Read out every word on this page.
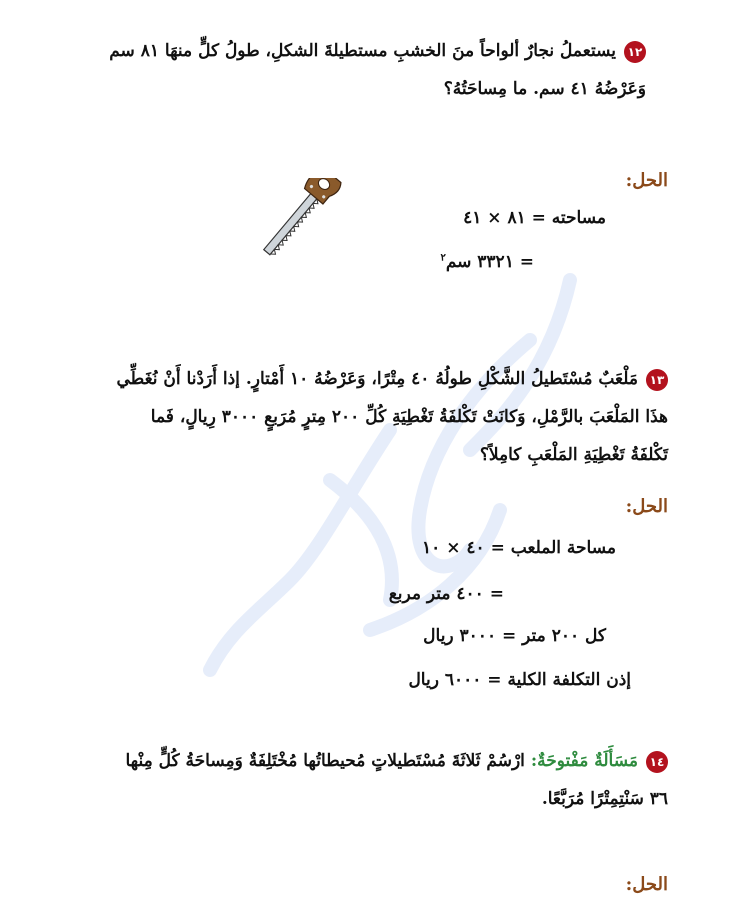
١٢يستعملُ نجارٌ ألواحاً منَ الخشبِ مستطيلةَ الشكلِ، طولُ كلٍّ منهَا ٨١ سم وَعَرْضُهُ ٤١ سم. ما مِساحَتُهُ؟
الحل:
مساحته = ٨١ × ٤١
= ٣٣٢١ سم$^٢$
١٣مَلْعَبٌ مُسْتَطيلُ الشَّكْلِ طولُهُ ٤٠ مِتْرًا، وَعَرْضُهُ ١٠ أَمْتارٍ. إذا أَرَدْنا أَنْ نُغَطِّي هذَا المَلْعَبَ بالرَّمْلِ، وَكانَتْ تَكْلفَةُ تَغْطِيَةِ كُلِّ ٢٠٠ مِترٍ مُرَبعٍ ٣٠٠٠ رِيالٍ، فَما تَكْلفَةُ تَغْطِيَةِ المَلْعَبِ كامِلاً؟
الحل:
مساحة الملعب = ٤٠ × ١٠
= ٤٠٠ متر مربع
كل ٢٠٠ متر = ٣٠٠٠ ريال
إذن التكلفة الكلية = ٦٠٠٠ ريال
١٤مَسَأَلَةٌ مَفْتوحَةٌ: ارْسُمْ ثَلاثَةَ مُسْتَطيلاتٍ مُحيطاتُها مُخْتَلِفَةٌ وَمِساحَةُ كُلٍّ مِنْها ٣٦ سَنْتِمِتْرًا مُرَبَّعًا.
الحل:
